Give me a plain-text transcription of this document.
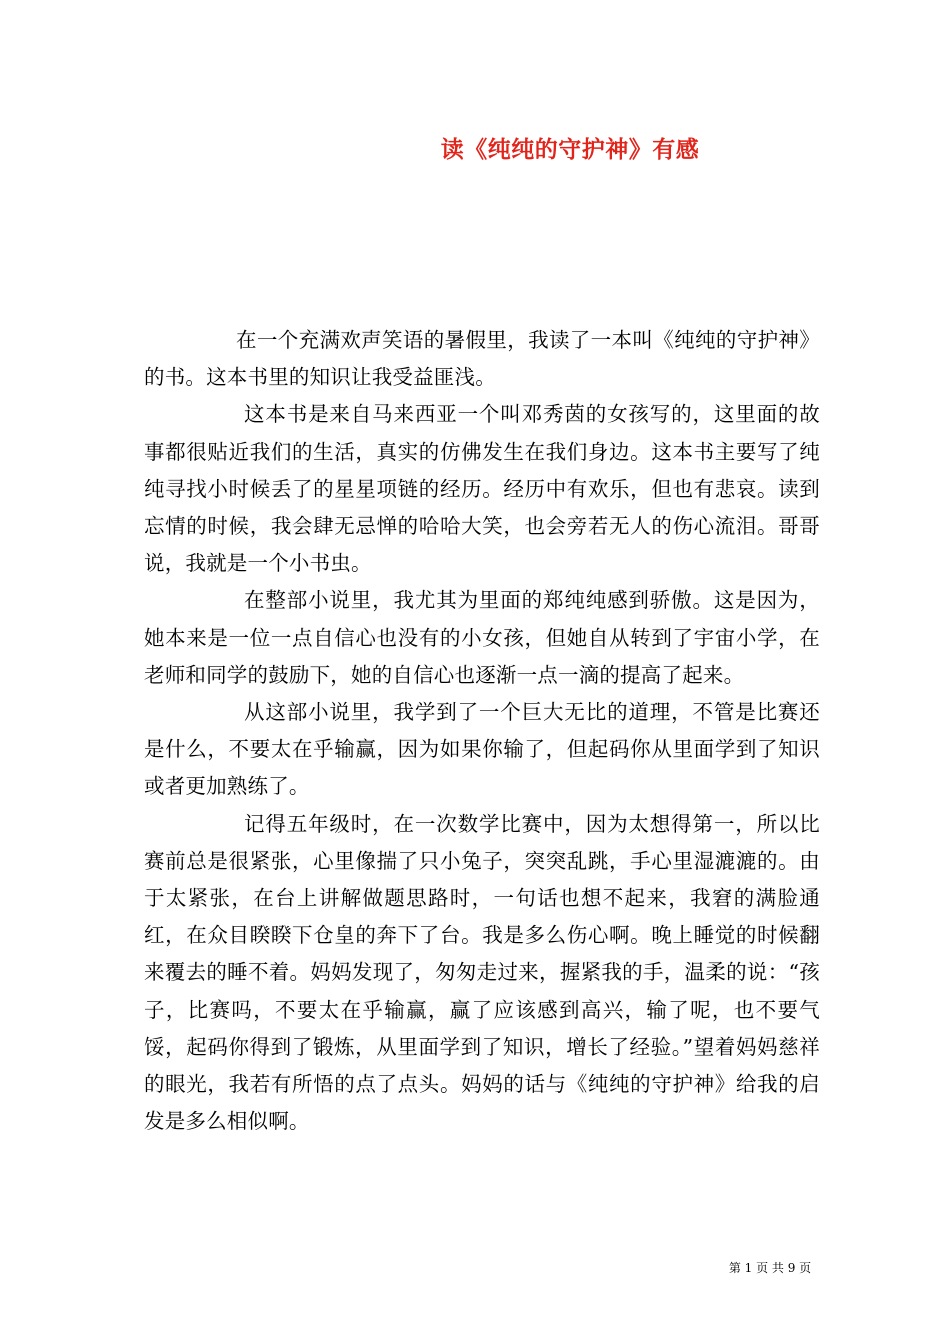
读《纯纯的守护神》有感

在一个充满欢声笑语的暑假里，我读了一本叫《纯纯的守护神》的书。这本书里的知识让我受益匪浅。

这本书是来自马来西亚一个叫邓秀茵的女孩写的，这里面的故事都很贴近我们的生活，真实的仿佛发生在我们身边。这本书主要写了纯纯寻找小时候丢了的星星项链的经历。经历中有欢乐，但也有悲哀。读到忘情的时候，我会肆无忌惮的哈哈大笑，也会旁若无人的伤心流泪。哥哥说，我就是一个小书虫。

在整部小说里，我尤其为里面的郑纯纯感到骄傲。这是因为，她本来是一位一点自信心也没有的小女孩，但她自从转到了宇宙小学，在老师和同学的鼓励下，她的自信心也逐渐一点一滴的提高了起来。

从这部小说里，我学到了一个巨大无比的道理，不管是比赛还是什么，不要太在乎输赢，因为如果你输了，但起码你从里面学到了知识或者更加熟练了。

记得五年级时，在一次数学比赛中，因为太想得第一，所以比赛前总是很紧张，心里像揣了只小兔子，突突乱跳，手心里湿漉漉的。由于太紧张，在台上讲解做题思路时，一句话也想不起来，我窘的满脸通红，在众目睽睽下仓皇的奔下了台。我是多么伤心啊。晚上睡觉的时候翻来覆去的睡不着。妈妈发现了，匆匆走过来，握紧我的手，温柔的说：“孩子，比赛吗，不要太在乎输赢，赢了应该感到高兴，输了呢，也不要气馁，起码你得到了锻炼，从里面学到了知识，增长了经验。”望着妈妈慈祥的眼光，我若有所悟的点了点头。妈妈的话与《纯纯的守护神》给我的启发是多么相似啊。

第 1 页 共 9 页
